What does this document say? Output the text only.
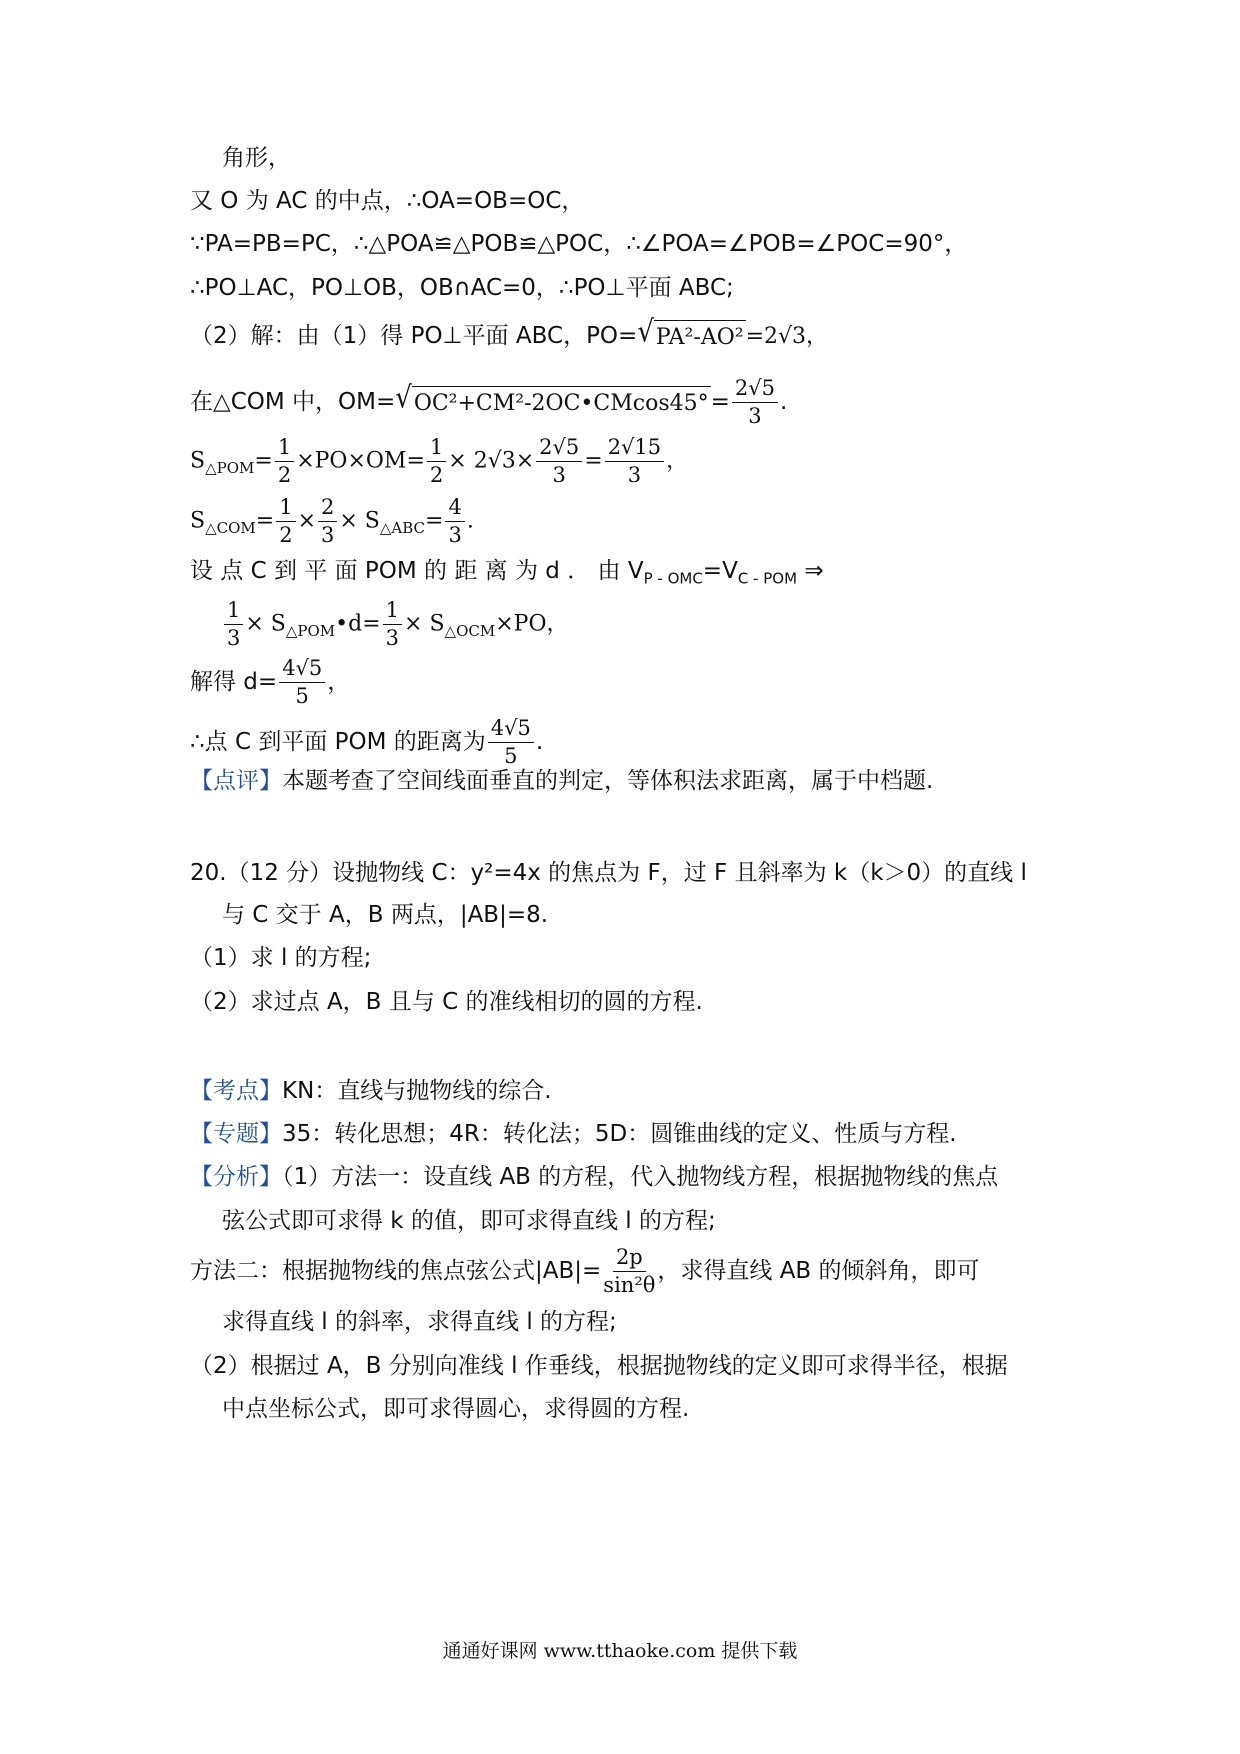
角形，
又 O 为 AC 的中点，∴OA=OB=OC，
∵PA=PB=PC，∴△POA≌△POB≌△POC，∴∠POA=∠POB=∠POC=90°，
∴PO⊥AC，PO⊥OB，OB∩AC=0，∴PO⊥平面 ABC;
（2）解：由（1）得 PO⊥平面 ABC，PO= √ PA²-AO² =2√3，
在△COM 中，OM= √ OC²+CM²-2OC•CMcos45° = $\frac{2√5}{3}$ .
$S_{\triangle POM}= \frac{1}{2} \times PO\times OM= \frac{1}{2} \times 2√3\times \frac{2√5}{3} = \frac{2√15}{3}$ ，
$S_{\triangle COM}= \frac{1}{2} \times \frac{2}{3} \times S_{\triangle ABC}= \frac{4}{3}$ .
设 点 C 到 平 面 POM 的 距 离 为 d ． 由 $V_{P - OMC}=V_{C - POM}$ ⇒
$\frac{1}{3}$ × $S_{\triangle POM}•d= \frac{1}{3} \times S_{\triangle OCM}\times PO$，
解得 $d= \frac{4√5}{5}$ ，
∴点 C 到平面 POM 的距离为 $\frac{4√5}{5}$ .
【点评】本题考查了空间线面垂直的判定，等体积法求距离，属于中档题.
20.（12 分）设抛物线 C：y²=4x 的焦点为 F，过 F 且斜率为 k（k＞0）的直线 l
与 C 交于 A，B 两点，|AB|=8.
（1）求 l 的方程;
（2）求过点 A，B 且与 C 的准线相切的圆的方程.
【考点】KN：直线与抛物线的综合.
【专题】35：转化思想；4R：转化法；5D：圆锥曲线的定义、性质与方程.
【分析】（1）方法一：设直线 AB 的方程，代入抛物线方程，根据抛物线的焦点
弦公式即可求得 k 的值，即可求得直线 l 的方程;
方法二：根据抛物线的焦点弦公式$|AB|= \frac{2p}{\text{sin²θ}}$ ，求得直线 AB 的倾斜角，即可
求得直线 l 的斜率，求得直线 l 的方程;
（2）根据过 A，B 分别向准线 l 作垂线，根据抛物线的定义即可求得半径，根据
中点坐标公式，即可求得圆心，求得圆的方程.
通通好课网 www.tthaoke.com 提供下载
